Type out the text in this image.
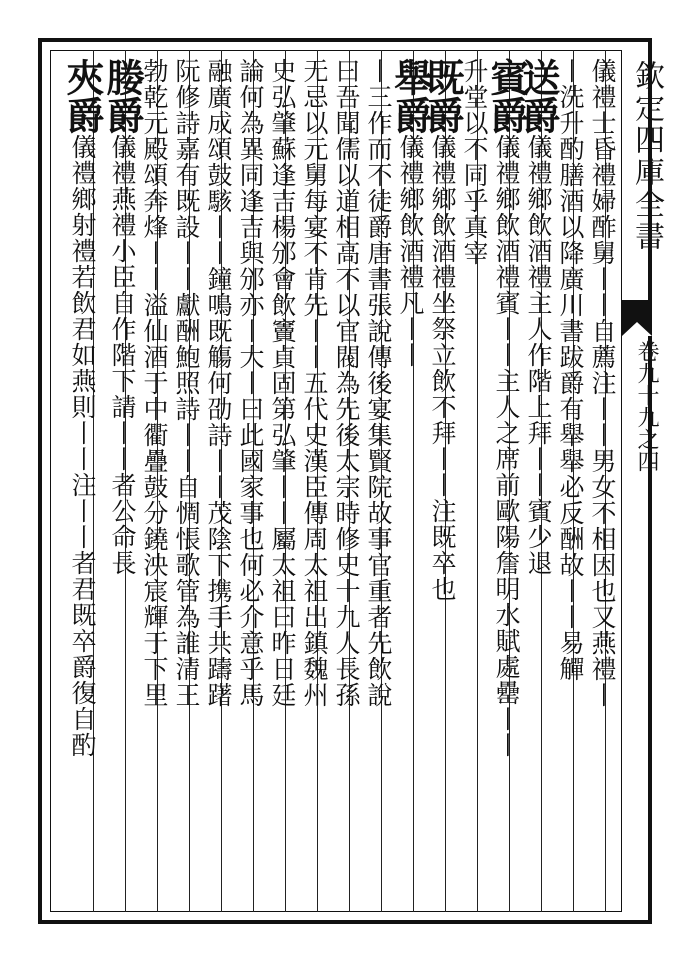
欽定四庫全書
卷九十九之四
儀禮士昏禮婦酢舅丨丨自薦注丨丨男女不相因也又燕禮丨
丨洗升酌膳酒以降廣川書跋爵有舉舉必反酬故丨丨易觶
送爵儀禮鄉飲酒禮主人作階上拜丨丨賓少退
賓爵儀禮鄉飲酒禮賓丨丨主人之席前歐陽詹明水賦處罍丨丨
升堂以不同乎真宰
既爵儀禮鄉飲酒禮坐祭立飲不拜丨丨注既卒也
舉爵儀禮鄉飲酒禮凡丨丨
丨三作而不徒爵唐書張說傳後宴集賢院故事官重者先飲說
曰吾聞儒以道相高不以官閥為先後太宗時修史十九人長孫
无忌以元舅每宴不肯先丨丨五代史漢臣傳周太祖出鎮魏州
史弘肇蘇逢吉楊邠會飲竇貞固第弘肇丨丨屬太祖曰昨日廷
論何為異同逢吉與邠亦丨大丨曰此國家事也何必介意乎馬
融廣成頌鼓駭丨丨鐘鳴既觴何劭詩丨丨茂陰下携手共躊躇
阮修詩嘉有既設丨丨獻酬鮑照詩丨丨自惆悵歌管為誰清王
勃乾元殿頌奔烽丨丨溢仙酒于中衢疊鼓分鐃泱宸輝于下里
媵爵儀禮燕禮小臣自作階下請丨丨者公命長
夾爵儀禮鄉射禮若飲君如燕則丨丨注丨丨者君既卒爵復自酌
